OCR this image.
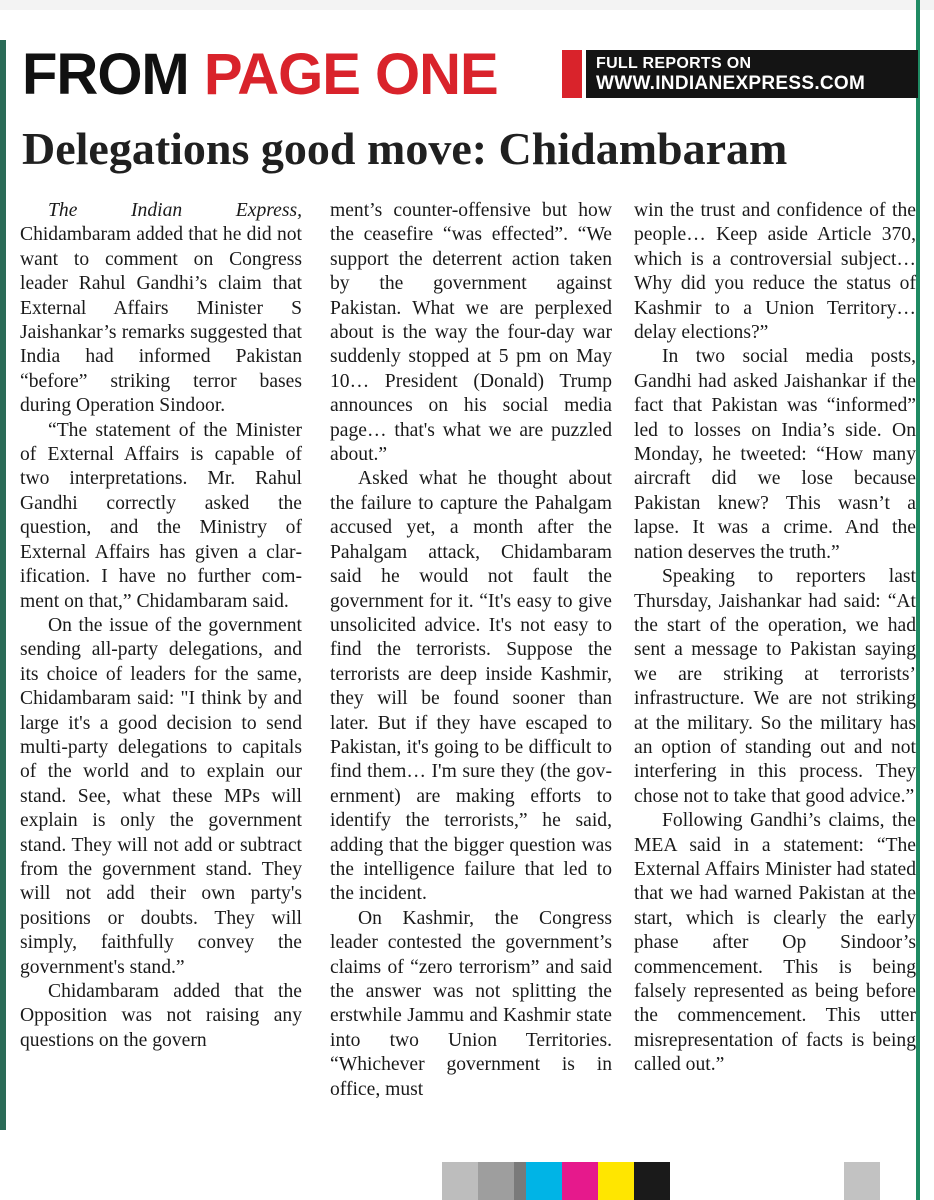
FROM PAGE ONE	FULL REPORTS ON
WWW.INDIANEXPRESS.COM
Delegations good move: Chidambaram

The Indian Express, Chidambaram added that he did not want to comment on Congress leader Rahul Gandhi’s claim that External Affairs Minister S Jaishankar’s remarks suggested that India had informed Pakistan “before” striking terror bases during Operation Sindoor.

“The statement of the Minister of External Affairs is capable of two interpretations. Mr. Rahul Gandhi correctly asked the question, and the Ministry of External Affairs has given a clarification. I have no further comment on that,” Chidambaram said.

On the issue of the government sending all-party delegations, and its choice of leaders for the same, Chidambaram said: "I think by and large it's a good decision to send multi-party delegations to capitals of the world and to explain our stand. See, what these MPs will explain is only the government stand. They will not add or subtract from the government stand. They will not add their own party's positions or doubts. They will simply, faithfully convey the government's stand.”

Chidambaram added that the Opposition was not raising any questions on the govern

ment’s counter-offensive but how the ceasefire “was effected”. “We support the deterrent action taken by the government against Pakistan. What we are perplexed about is the way the four-day war suddenly stopped at 5 pm on May 10… President (Donald) Trump announces on his social media page… that's what we are puzzled about.”

Asked what he thought about the failure to capture the Pahalgam accused yet, a month after the Pahalgam attack, Chidambaram said he would not fault the government for it. “It's easy to give unsolicited advice. It's not easy to find the terrorists. Suppose the terrorists are deep inside Kashmir, they will be found sooner than later. But if they have escaped to Pakistan, it's going to be difficult to find them… I'm sure they (the government) are making efforts to identify the terrorists,” he said, adding that the bigger question was the intelligence failure that led to the incident.

On Kashmir, the Congress leader contested the government’s claims of “zero terrorism” and said the answer was not splitting the erstwhile Jammu and Kashmir state into two Union Territories. “Whichever government is in office, must

win the trust and confidence of the people… Keep aside Article 370, which is a controversial subject… Why did you reduce the status of Kashmir to a Union Territory… delay elections?”

In two social media posts, Gandhi had asked Jaishankar if the fact that Pakistan was “informed” led to losses on India’s side. On Monday, he tweeted: “How many aircraft did we lose because Pakistan knew? This wasn’t a lapse. It was a crime. And the nation deserves the truth.”

Speaking to reporters last Thursday, Jaishankar had said: “At the start of the operation, we had sent a message to Pakistan saying we are striking at terrorists’ infrastructure. We are not striking at the military. So the military has an option of standing out and not interfering in this process. They chose not to take that good advice.”

Following Gandhi’s claims, the MEA said in a statement: “The External Affairs Minister had stated that we had warned Pakistan at the start, which is clearly the early phase after Op Sindoor’s commencement. This is being falsely represented as being before the commencement. This utter misrepresentation of facts is being called out.”
